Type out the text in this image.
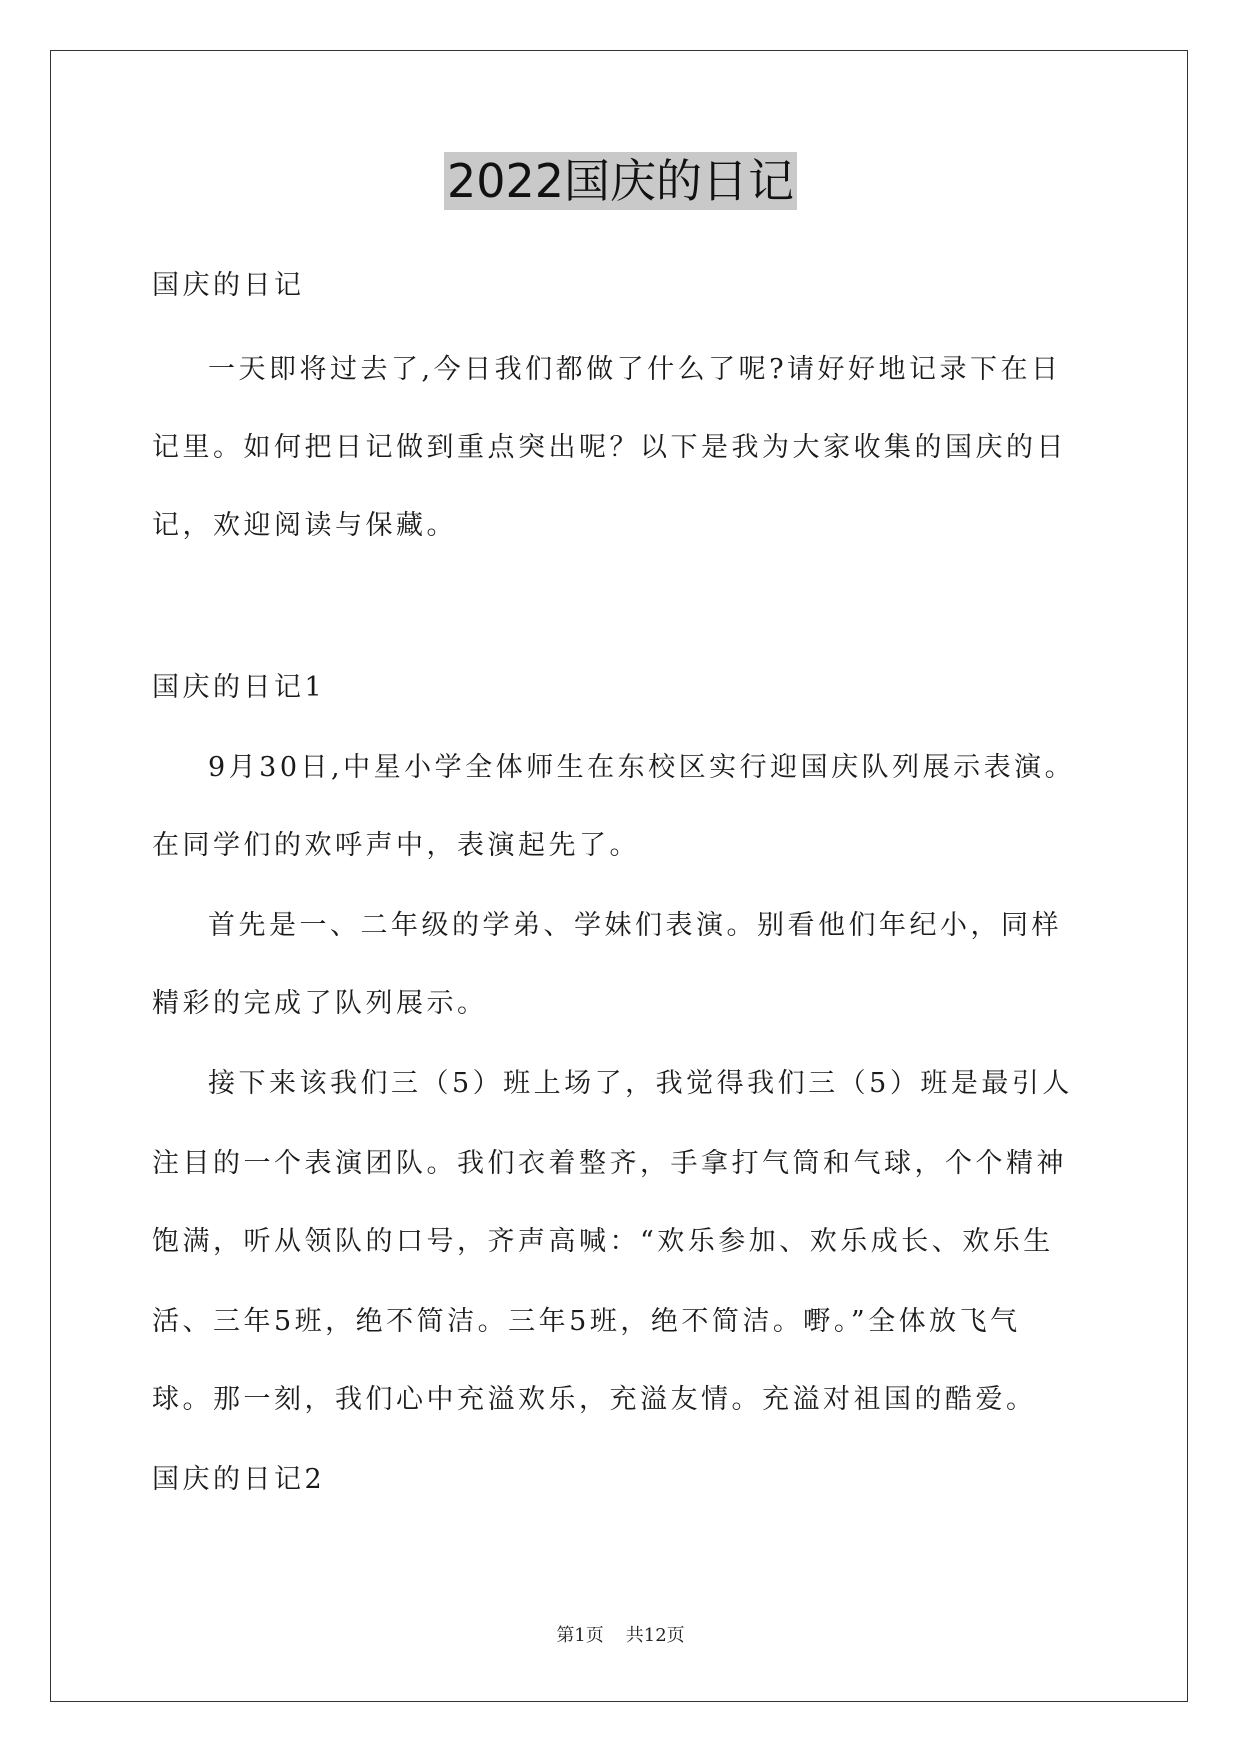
2022国庆的日记
国庆的日记
一天即将过去了,今日我们都做了什么了呢?请好好地记录下在日
记里。如何把日记做到重点突出呢？以下是我为大家收集的国庆的日
记，欢迎阅读与保藏。
国庆的日记1
9月30日,中星小学全体师生在东校区实行迎国庆队列展示表演。
在同学们的欢呼声中，表演起先了。
首先是一、二年级的学弟、学妹们表演。别看他们年纪小，同样
精彩的完成了队列展示。
接下来该我们三（5）班上场了，我觉得我们三（5）班是最引人
注目的一个表演团队。我们衣着整齐，手拿打气筒和气球，个个精神
饱满，听从领队的口号，齐声高喊：“欢乐参加、欢乐成长、欢乐生
活、三年5班，绝不简洁。三年5班，绝不简洁。嘢。”全体放飞气
球。那一刻，我们心中充溢欢乐，充溢友情。充溢对祖国的酷爱。
国庆的日记2
第1页 共12页
